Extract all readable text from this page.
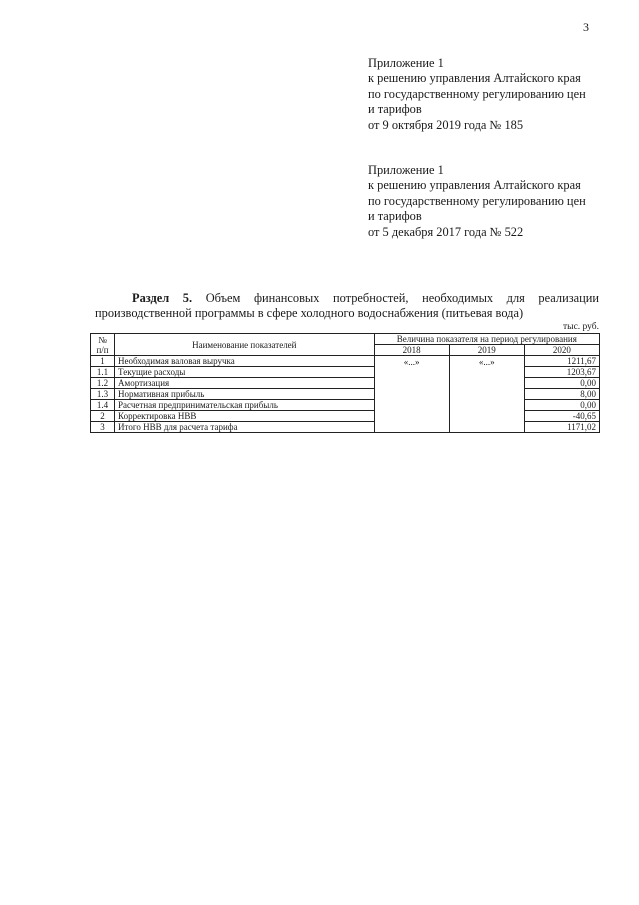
3
Приложение 1
к решению управления Алтайского края
по государственному регулированию цен
и тарифов
от 9 октября 2019 года № 185
Приложение 1
к решению управления Алтайского края
по государственному регулированию цен
и тарифов
от 5 декабря 2017 года № 522
Раздел 5. Объем финансовых потребностей, необходимых для реализации
производственной программы в сфере холодного водоснабжения (питьевая вода)
тыс. руб.
№ п/п	Наименование показателей	Величина показателя на период регулирования		
		2018	2019	2020
1	Необходимая валовая выручка	«...»	«...»	1211,67
1.1	Текущие расходы			1203,67
1.2	Амортизация			0,00
1.3	Нормативная прибыль			8,00
1.4	Расчетная предпринимательская прибыль			0,00
2	Корректировка НВВ			-40,65
3	Итого НВВ для расчета тарифа			1171,02
